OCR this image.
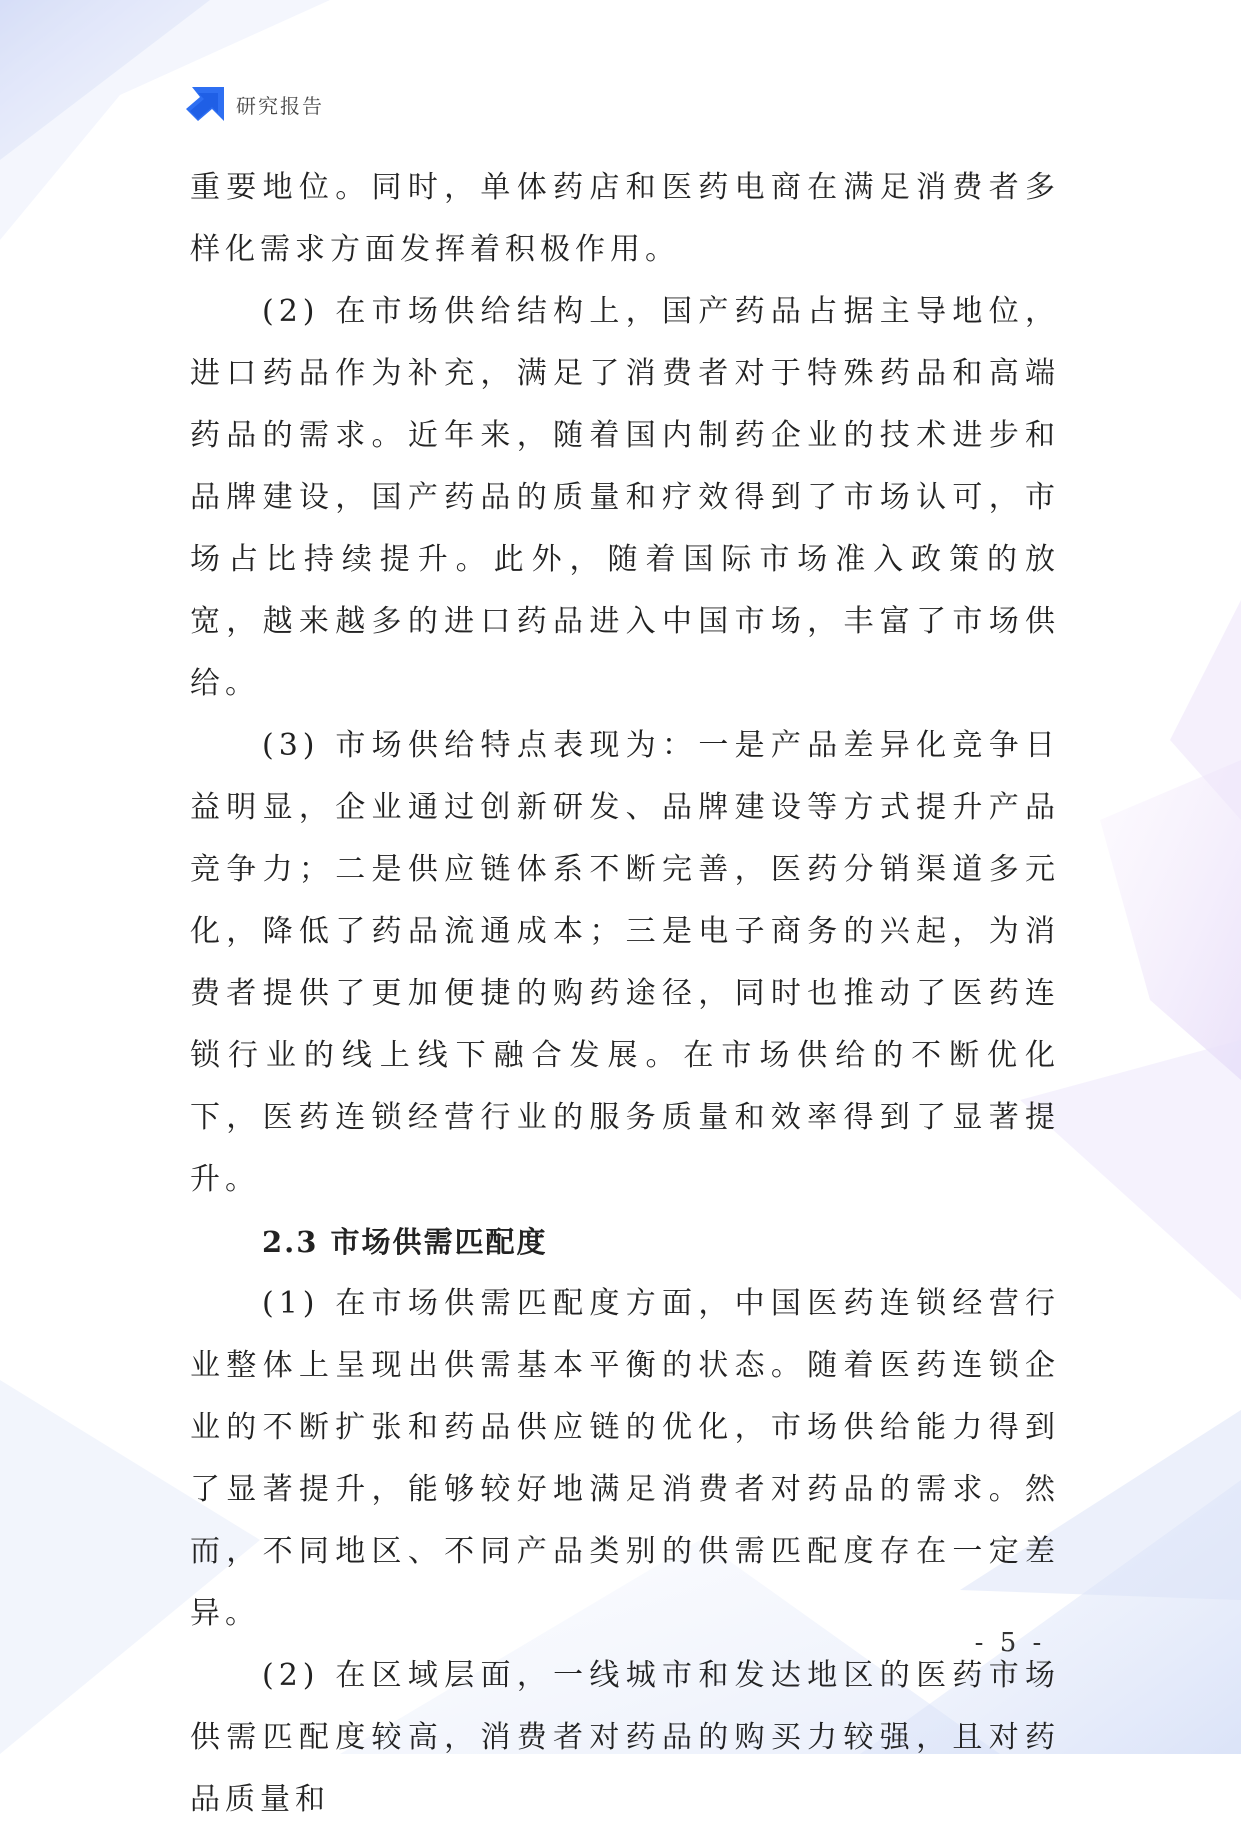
研究报告

重要地位。同时，单体药店和医药电商在满足消费者多样化需求方面发挥着积极作用。

(2) 在市场供给结构上，国产药品占据主导地位，进口药品作为补充，满足了消费者对于特殊药品和高端药品的需求。近年来，随着国内制药企业的技术进步和品牌建设，国产药品的质量和疗效得到了市场认可，市场占比持续提升。此外，随着国际市场准入政策的放宽，越来越多的进口药品进入中国市场，丰富了市场供给。

(3) 市场供给特点表现为：一是产品差异化竞争日益明显，企业通过创新研发、品牌建设等方式提升产品竞争力；二是供应链体系不断完善，医药分销渠道多元化，降低了药品流通成本；三是电子商务的兴起，为消费者提供了更加便捷的购药途径，同时也推动了医药连锁行业的线上线下融合发展。在市场供给的不断优化下，医药连锁经营行业的服务质量和效率得到了显著提升。

2.3 市场供需匹配度

(1) 在市场供需匹配度方面，中国医药连锁经营行业整体上呈现出供需基本平衡的状态。随着医药连锁企业的不断扩张和药品供应链的优化，市场供给能力得到了显著提升，能够较好地满足消费者对药品的需求。然而，不同地区、不同产品类别的供需匹配度存在一定差异。

(2) 在区域层面，一线城市和发达地区的医药市场供需匹配度较高，消费者对药品的购买力较强，且对药品质量和

- 5 -
